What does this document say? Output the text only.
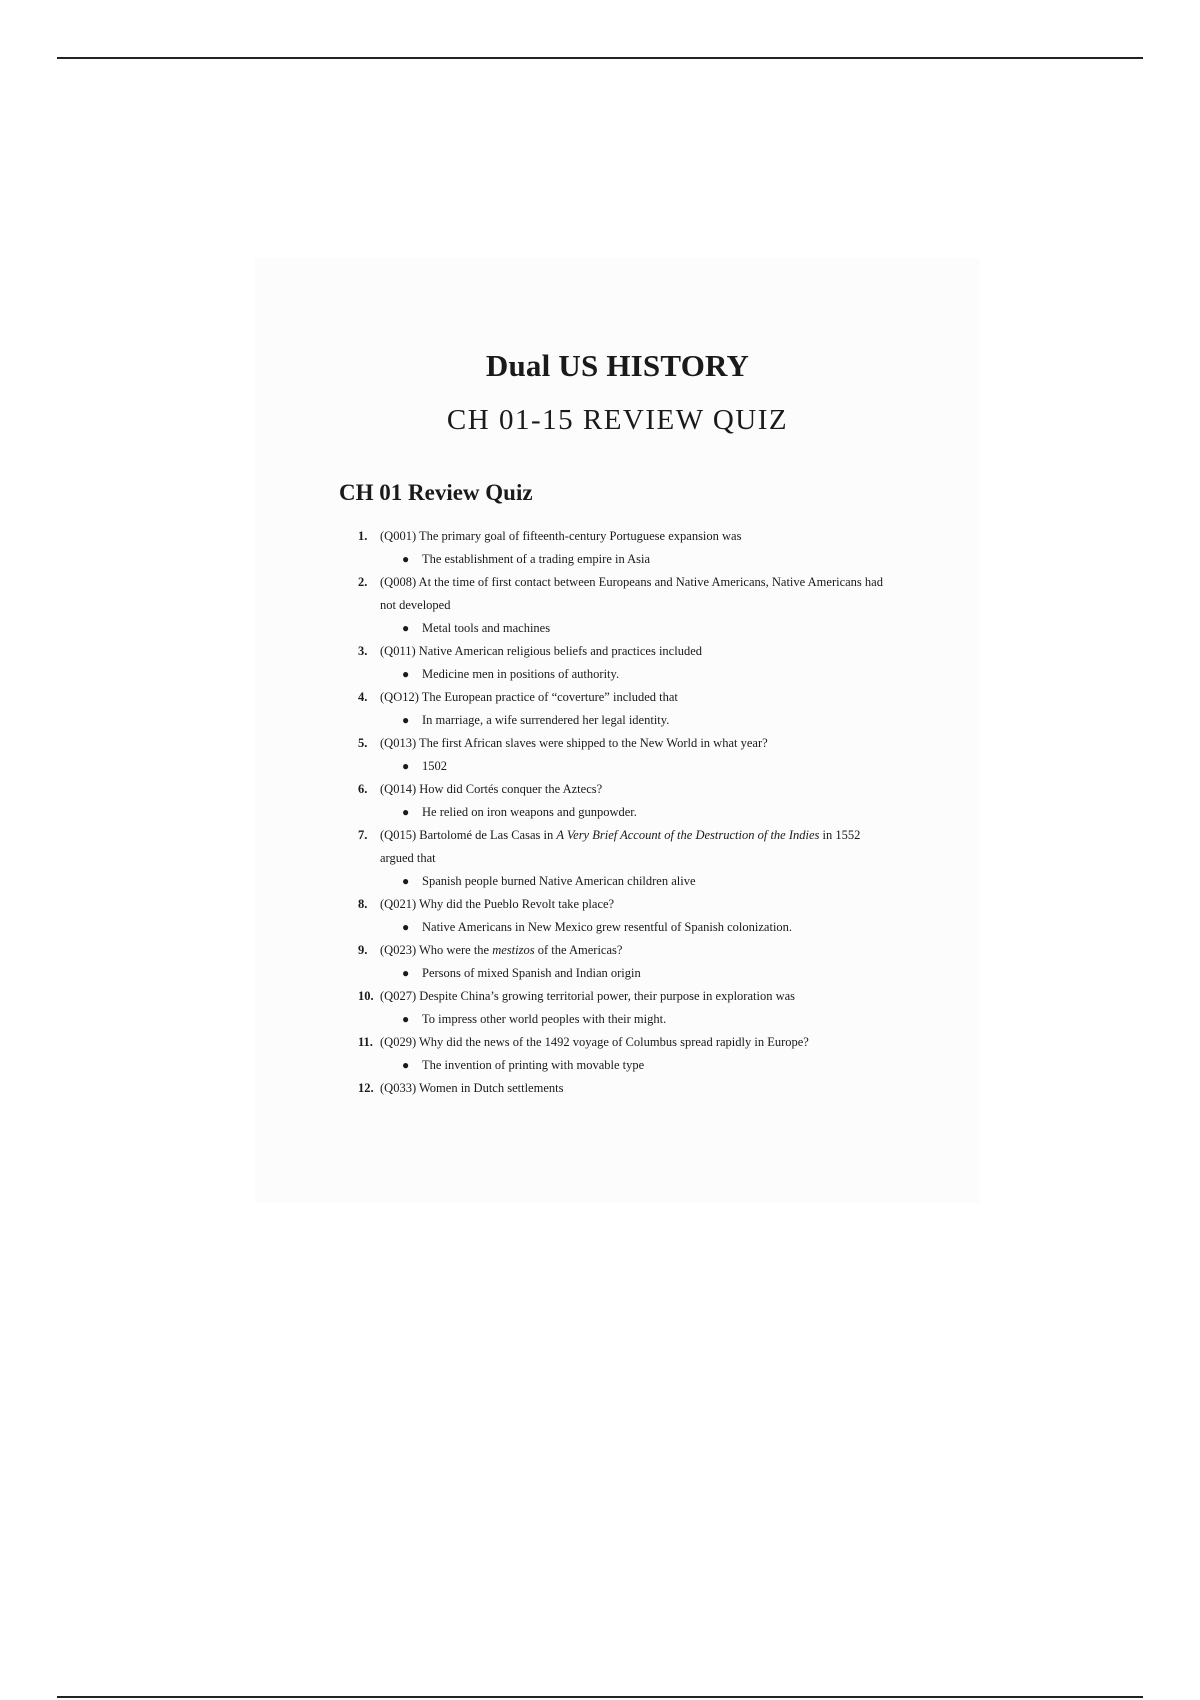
Dual US HISTORY
CH 01-15 REVIEW QUIZ
CH 01 Review Quiz
1.	(Q001) The primary goal of fifteenth-century Portuguese expansion was
● The establishment of a trading empire in Asia
2.	(Q008) At the time of first contact between Europeans and Native Americans, Native Americans had not developed
● Metal tools and machines
3.	(Q011) Native American religious beliefs and practices included
● Medicine men in positions of authority.
4.	(QO12) The European practice of “coverture” included that
● In marriage, a wife surrendered her legal identity.
5.	(Q013) The first African slaves were shipped to the New World in what year?
● 1502
6.	(Q014) How did Cortés conquer the Aztecs?
● He relied on iron weapons and gunpowder.
7.	(Q015) Bartolomé de Las Casas in A Very Brief Account of the Destruction of the Indies in 1552 argued that
● Spanish people burned Native American children alive
8.	(Q021) Why did the Pueblo Revolt take place?
● Native Americans in New Mexico grew resentful of Spanish colonization.
9.	(Q023) Who were the mestizos of the Americas?
● Persons of mixed Spanish and Indian origin
10. (Q027) Despite China’s growing territorial power, their purpose in exploration was
● To impress other world peoples with their might.
11. (Q029) Why did the news of the 1492 voyage of Columbus spread rapidly in Europe?
● The invention of printing with movable type
12. (Q033) Women in Dutch settlements
